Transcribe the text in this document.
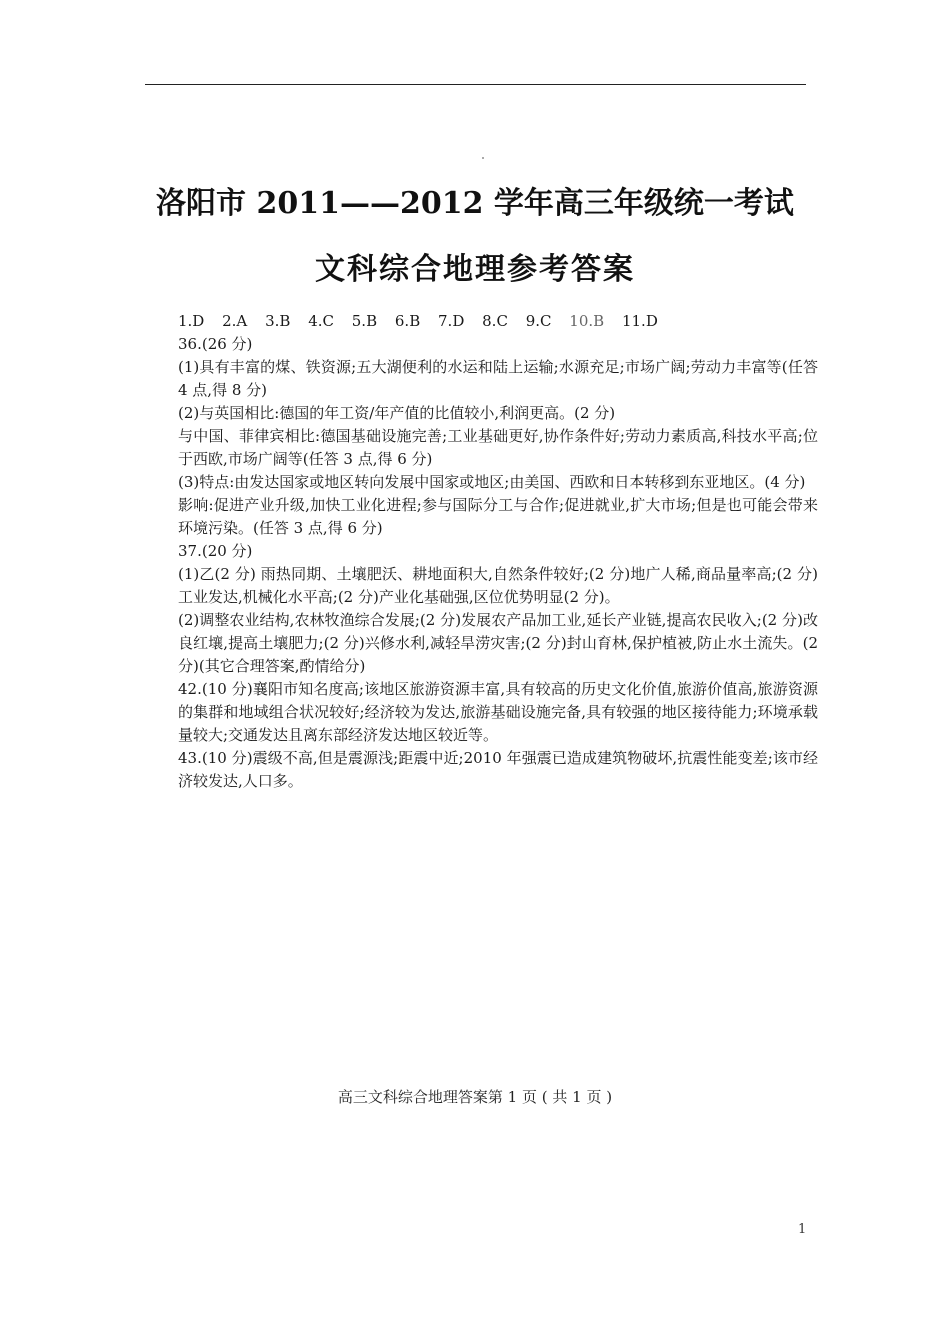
洛阳市 2011——2012 学年高三年级统一考试
文科综合地理参考答案
1.D 2.A 3.B 4.C 5.B 6.B 7.D 8.C 9.C 10.B 11.D

36.(26 分)

(1)具有丰富的煤、铁资源;五大湖便利的水运和陆上运输;水源充足;市场广阔;劳动力丰富等(任答 4 点,得 8 分)

(2)与英国相比:德国的年工资/年产值的比值较小,利润更高。(2 分)

与中国、菲律宾相比:德国基础设施完善;工业基础更好,协作条件好;劳动力素质高,科技水平高;位于西欧,市场广阔等(任答 3 点,得 6 分)

(3)特点:由发达国家或地区转向发展中国家或地区;由美国、西欧和日本转移到东亚地区。(4 分)

影响:促进产业升级,加快工业化进程;参与国际分工与合作;促进就业,扩大市场;但是也可能会带来环境污染。(任答 3 点,得 6 分)

37.(20 分)

(1)乙(2 分) 雨热同期、土壤肥沃、耕地面积大,自然条件较好;(2 分)地广人稀,商品量率高;(2 分)工业发达,机械化水平高;(2 分)产业化基础强,区位优势明显(2 分)。

(2)调整农业结构,农林牧渔综合发展;(2 分)发展农产品加工业,延长产业链,提高农民收入;(2 分)改良红壤,提高土壤肥力;(2 分)兴修水利,减轻旱涝灾害;(2 分)封山育林,保护植被,防止水土流失。(2 分)(其它合理答案,酌情给分)

42.(10 分)襄阳市知名度高;该地区旅游资源丰富,具有较高的历史文化价值,旅游价值高,旅游资源的集群和地域组合状况较好;经济较为发达,旅游基础设施完备,具有较强的地区接待能力;环境承载量较大;交通发达且离东部经济发达地区较近等。

43.(10 分)震级不高,但是震源浅;距震中近;2010 年强震已造成建筑物破坏,抗震性能变差;该市经济较发达,人口多。

高三文科综合地理答案第 1 页 ( 共 1 页 )
1
